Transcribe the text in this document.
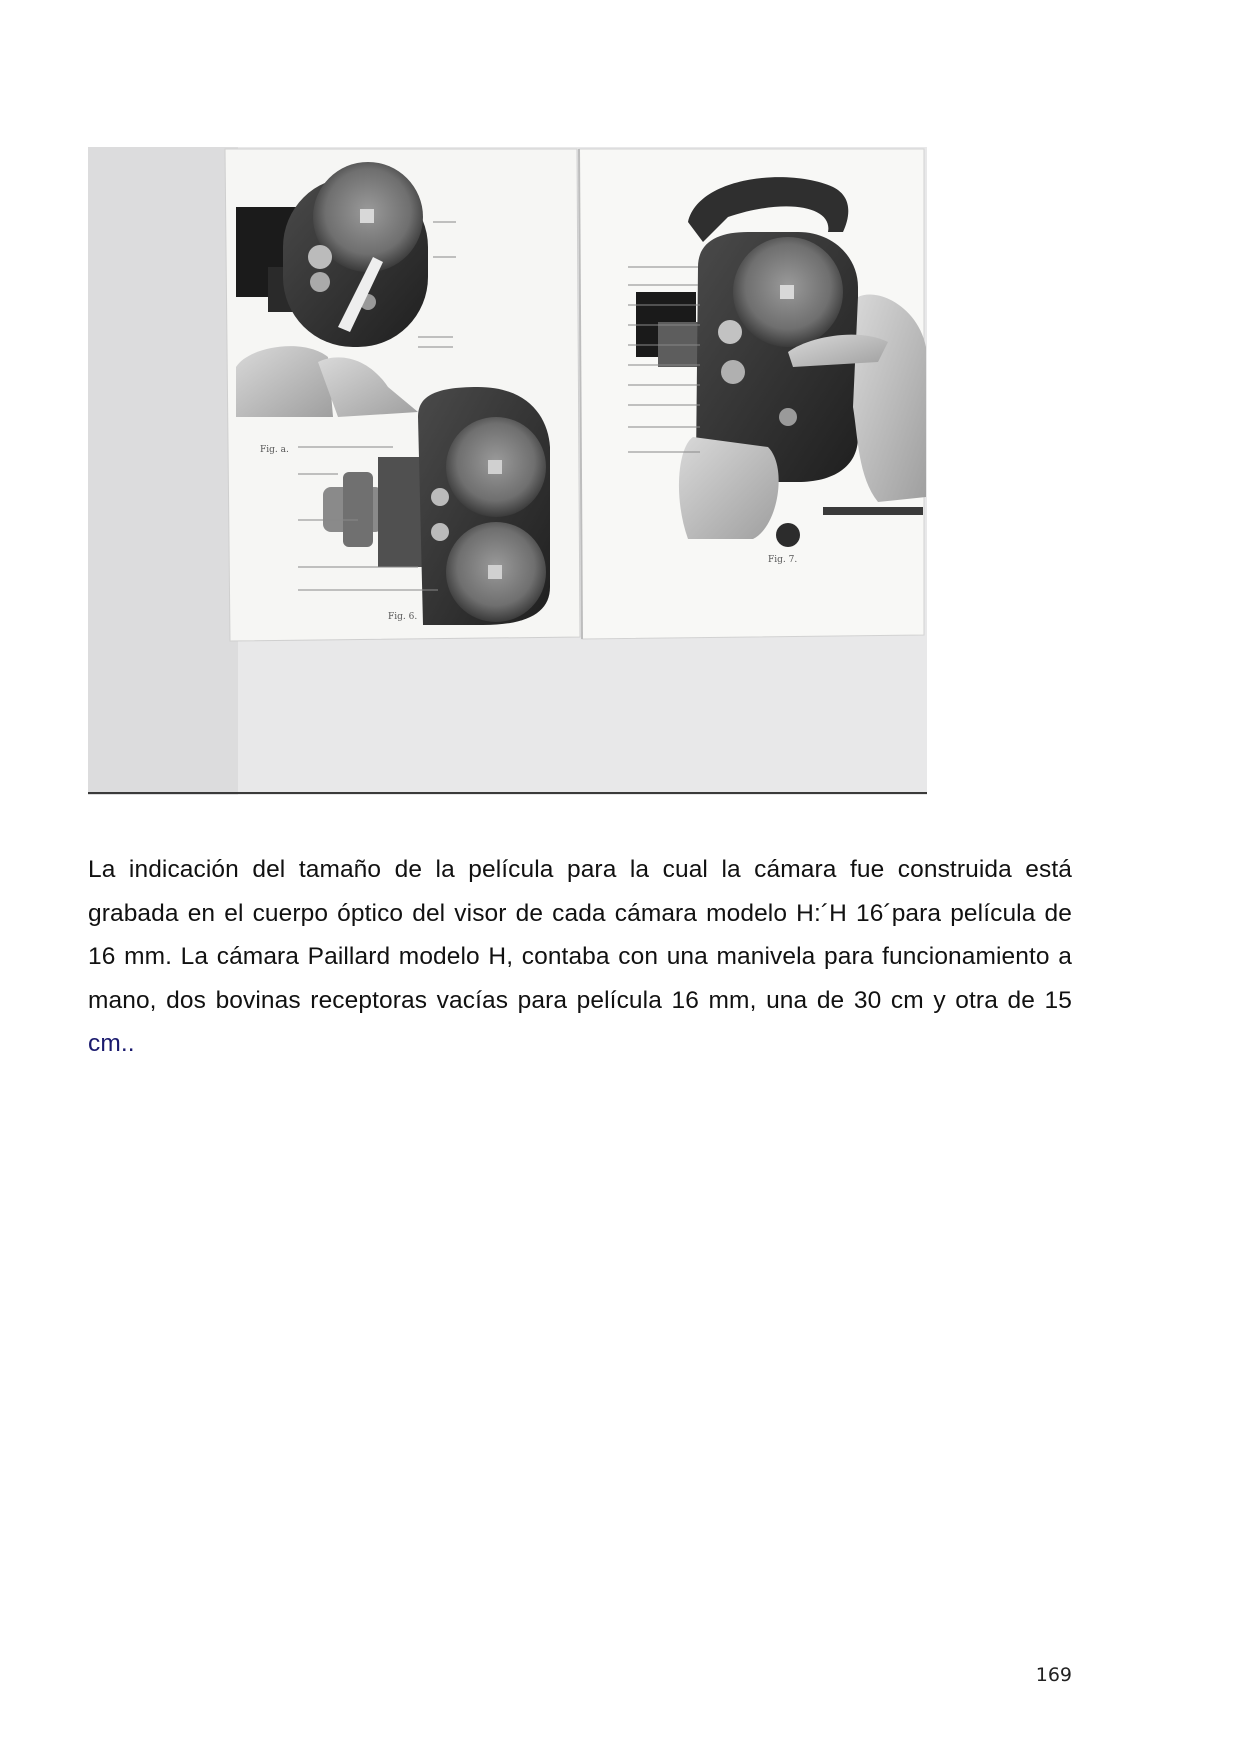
Fig. a.
Fig. 6.
Fig. 7.

La indicación del tamaño de la película para la cual la cámara fue construida está grabada en el cuerpo óptico del visor de cada cámara modelo H:´H 16´para película de 16 mm. La cámara Paillard modelo H, contaba con una manivela para funcionamiento a mano, dos bovinas receptoras vacías para película 16 mm, una de 30 cm y otra de 15 cm..

169
